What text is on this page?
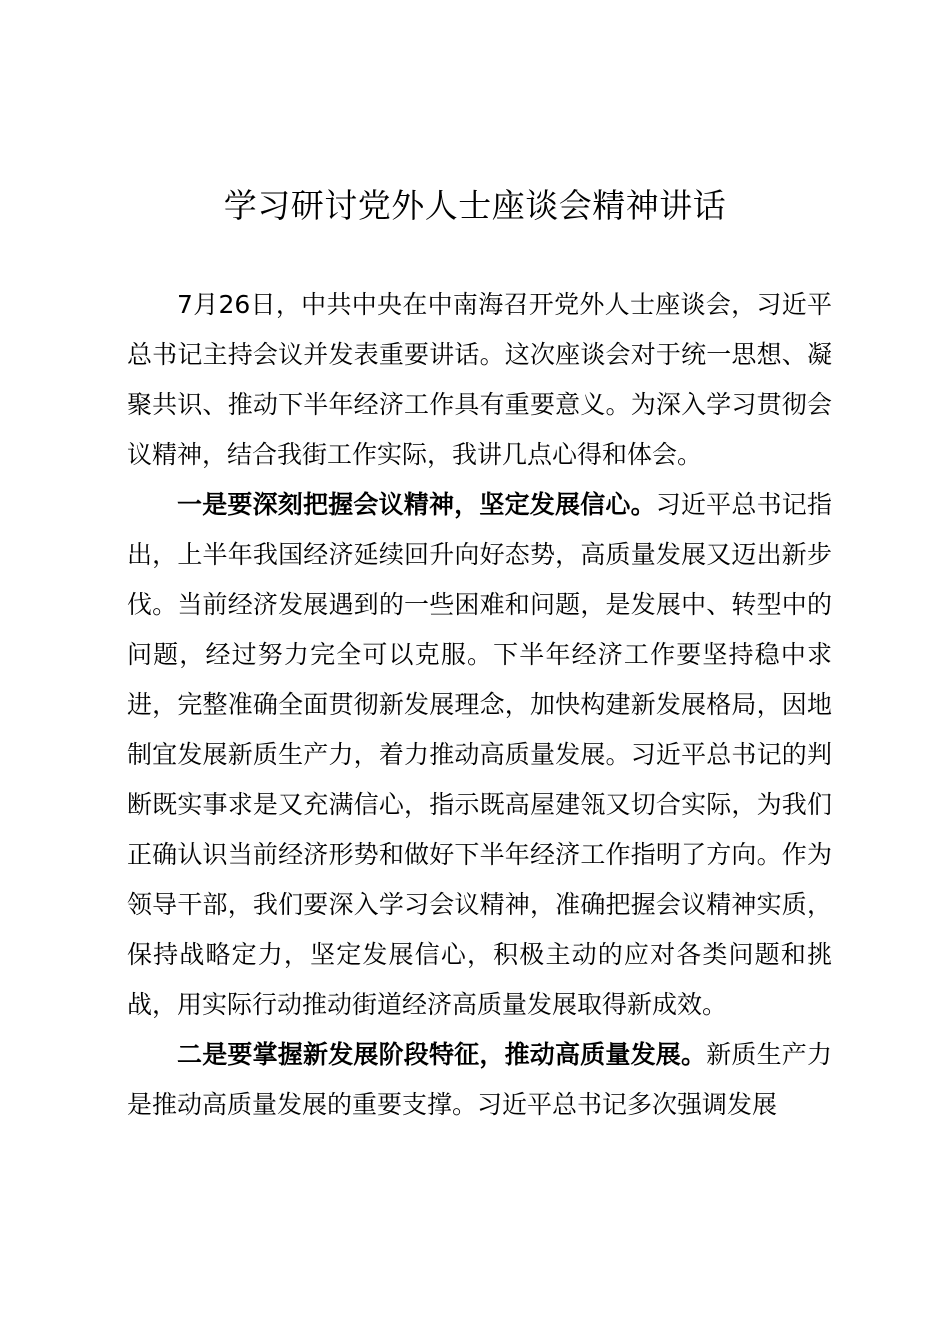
学习研讨党外人士座谈会精神讲话

7月26日，中共中央在中南海召开党外人士座谈会，习近平总书记主持会议并发表重要讲话。这次座谈会对于统一思想、凝聚共识、推动下半年经济工作具有重要意义。为深入学习贯彻会议精神，结合我街工作实际，我讲几点心得和体会。

一是要深刻把握会议精神，坚定发展信心。习近平总书记指出，上半年我国经济延续回升向好态势，高质量发展又迈出新步伐。当前经济发展遇到的一些困难和问题，是发展中、转型中的问题，经过努力完全可以克服。下半年经济工作要坚持稳中求进，完整准确全面贯彻新发展理念，加快构建新发展格局，因地制宜发展新质生产力，着力推动高质量发展。习近平总书记的判断既实事求是又充满信心，指示既高屋建瓴又切合实际，为我们正确认识当前经济形势和做好下半年经济工作指明了方向。作为领导干部，我们要深入学习会议精神，准确把握会议精神实质，保持战略定力，坚定发展信心，积极主动的应对各类问题和挑战，用实际行动推动街道经济高质量发展取得新成效。

二是要掌握新发展阶段特征，推动高质量发展。新质生产力是推动高质量发展的重要支撑。习近平总书记多次强调发展
